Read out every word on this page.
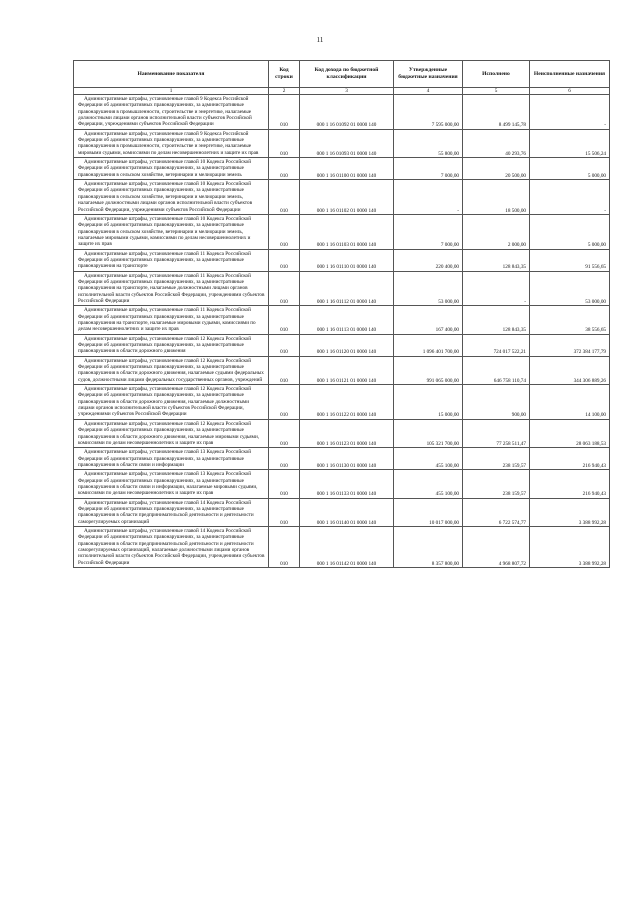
11
Наименование показателя	Код строки	Код дохода по бюджетной классификации	Утвержденные бюджетные назначения	Исполнено	Неисполненные назначения
1	2	3	4	5	6

Административные штрафы, установленные главой 9 Кодекса Российской Федерации об административных правонарушениях, за административные правонарушения в промышленности, строительстве и энергетике, налагаемые должностными лицами органов исполнительной власти субъектов Российской Федерации, учреждениями субъектов Российской Федерации	010	000 1 16 01092 01 0000 140	7 595 000,00	8 499 145,78	-

Административные штрафы, установленные главой 9 Кодекса Российской Федерации об административных правонарушениях, за административные правонарушения в промышленности, строительстве и энергетике, налагаемые мировыми судьями, комиссиями по делам несовершеннолетних и защите их прав	010	000 1 16 01093 01 0000 140	55 800,00	40 293,76	15 506,24

Административные штрафы, установленные главой 10 Кодекса Российской Федерации об административных правонарушениях, за административные правонарушения в сельском хозяйстве, ветеринарии и мелиорации земель	010	000 1 16 01100 01 0000 140	7 000,00	20 500,00	5 000,00

Административные штрафы, установленные главой 10 Кодекса Российской Федерации об административных правонарушениях, за административные правонарушения в сельском хозяйстве, ветеринарии и мелиорации земель, налагаемые должностными лицами органов исполнительной власти субъектов Российской Федерации, учреждениями субъектов Российской Федерации	010	000 1 16 01102 01 0000 140	-	18 500,00	-

Административные штрафы, установленные главой 10 Кодекса Российской Федерации об административных правонарушениях, за административные правонарушения в сельском хозяйстве, ветеринарии и мелиорации земель, налагаемые мировыми судьями, комиссиями по делам несовершеннолетних и защите их прав	010	000 1 16 01103 01 0000 140	7 000,00	2 000,00	5 000,00

Административные штрафы, установленные главой 11 Кодекса Российской Федерации об административных правонарушениях, за административные правонарушения на транспорте	010	000 1 16 01110 01 0000 140	220 400,00	128 843,35	91 556,65

Административные штрафы, установленные главой 11 Кодекса Российской Федерации об административных правонарушениях, за административные правонарушения на транспорте, налагаемые должностными лицами органов исполнительной власти субъектов Российской Федерации, учреждениями субъектов Российской Федерации	010	000 1 16 01112 01 0000 140	53 000,00	-	53 000,00

Административные штрафы, установленные главой 11 Кодекса Российской Федерации об административных правонарушениях, за административные правонарушения на транспорте, налагаемые мировыми судьями, комиссиями по делам несовершеннолетних и защите их прав	010	000 1 16 01113 01 0000 140	167 400,00	128 843,35	38 556,65

Административные штрафы, установленные главой 12 Кодекса Российской Федерации об административных правонарушениях, за административные правонарушения в области дорожного движения	010	000 1 16 01120 01 0000 140	1 096 401 700,00	724 017 522,21	372 384 177,79

Административные штрафы, установленные главой 12 Кодекса Российской Федерации об административных правонарушениях, за административные правонарушения в области дорожного движения, налагаемые судьями федеральных судов, должностными лицами федеральных государственных органов, учреждений	010	000 1 16 01121 01 0000 140	991 065 000,00	646 758 110,74	344 306 889,26

Административные штрафы, установленные главой 12 Кодекса Российской Федерации об административных правонарушениях, за административные правонарушения в области дорожного движения, налагаемые должностными лицами органов исполнительной власти субъектов Российской Федерации, учреждениями субъектов Российской Федерации	010	000 1 16 01122 01 0000 140	15 000,00	900,00	14 100,00

Административные штрафы, установленные главой 12 Кодекса Российской Федерации об административных правонарушениях, за административные правонарушения в области дорожного движения, налагаемые мировыми судьями, комиссиями по делам несовершеннолетних и защите их прав	010	000 1 16 01123 01 0000 140	105 321 700,00	77 258 511,47	28 063 188,53

Административные штрафы, установленные главой 13 Кодекса Российской Федерации об административных правонарушениях, за административные правонарушения в области связи и информации	010	000 1 16 01130 01 0000 140	455 100,00	238 159,57	216 940,43

Административные штрафы, установленные главой 13 Кодекса Российской Федерации об административных правонарушениях, за административные правонарушения в области связи и информации, налагаемые мировыми судьями, комиссиями по делам несовершеннолетних и защите их прав	010	000 1 16 01133 01 0000 140	455 100,00	238 159,57	216 940,43

Административные штрафы, установленные главой 14 Кодекса Российской Федерации об административных правонарушениях, за административные правонарушения в области предпринимательской деятельности и деятельности саморегулируемых организаций	010	000 1 16 01140 01 0000 140	10 017 000,00	6 722 574,77	3 388 992,28

Административные штрафы, установленные главой 14 Кодекса Российской Федерации об административных правонарушениях, за административные правонарушения в области предпринимательской деятельности и деятельности саморегулируемых организаций, налагаемые должностными лицами органов исполнительной власти субъектов Российской Федерации, учреждениями субъектов Российской Федерации	010	000 1 16 01142 01 0000 140	8 357 800,00	4 968 807,72	3 388 992,28
